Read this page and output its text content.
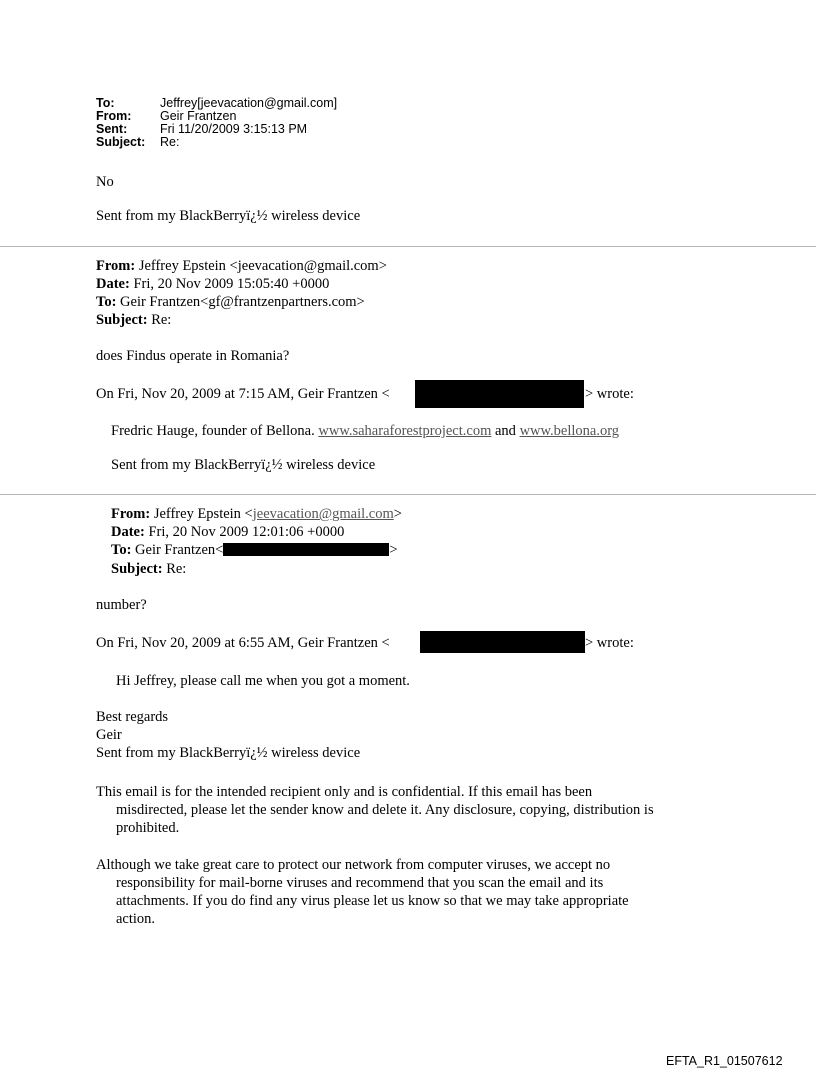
To:	Jeffrey[jeevacation@gmail.com]
From: Geir Frantzen
Sent:	Fri 11/20/2009 3:15:13 PM
Subject: Re:
No
Sent from my BlackBerryï¿½ wireless device
From: Jeffrey Epstein <jeevacation@gmail.com>
Date: Fri, 20 Nov 2009 15:05:40 +0000
To: Geir Frantzen<gf@frantzenpartners.com>
Subject: Re:
does Findus operate in Romania?
On Fri, Nov 20, 2009 at 7:15 AM, Geir Frantzen <	> wrote:
Fredric Hauge, founder of Bellona. www.saharaforestproject.com and www.bellona.org
Sent from my BlackBerryï¿½ wireless device
From: Jeffrey Epstein <jeevacation@gmail.com>
Date: Fri, 20 Nov 2009 12:01:06 +0000
To: Geir Frantzen<	>
Subject: Re:
number?
On Fri, Nov 20, 2009 at 6:55 AM, Geir Frantzen <	> wrote:
Hi Jeffrey, please call me when you got a moment.
Best regards
Geir
Sent from my BlackBerryï¿½ wireless device
This email is for the intended recipient only and is confidential. If this email has been
misdirected, please let the sender know and delete it. Any disclosure, copying, distribution is
prohibited.
Although we take great care to protect our network from computer viruses, we accept no
responsibility for mail-borne viruses and recommend that you scan the email and its
attachments. If you do find any virus please let us know so that we may take appropriate
action.
EFTA_R1_01507612
